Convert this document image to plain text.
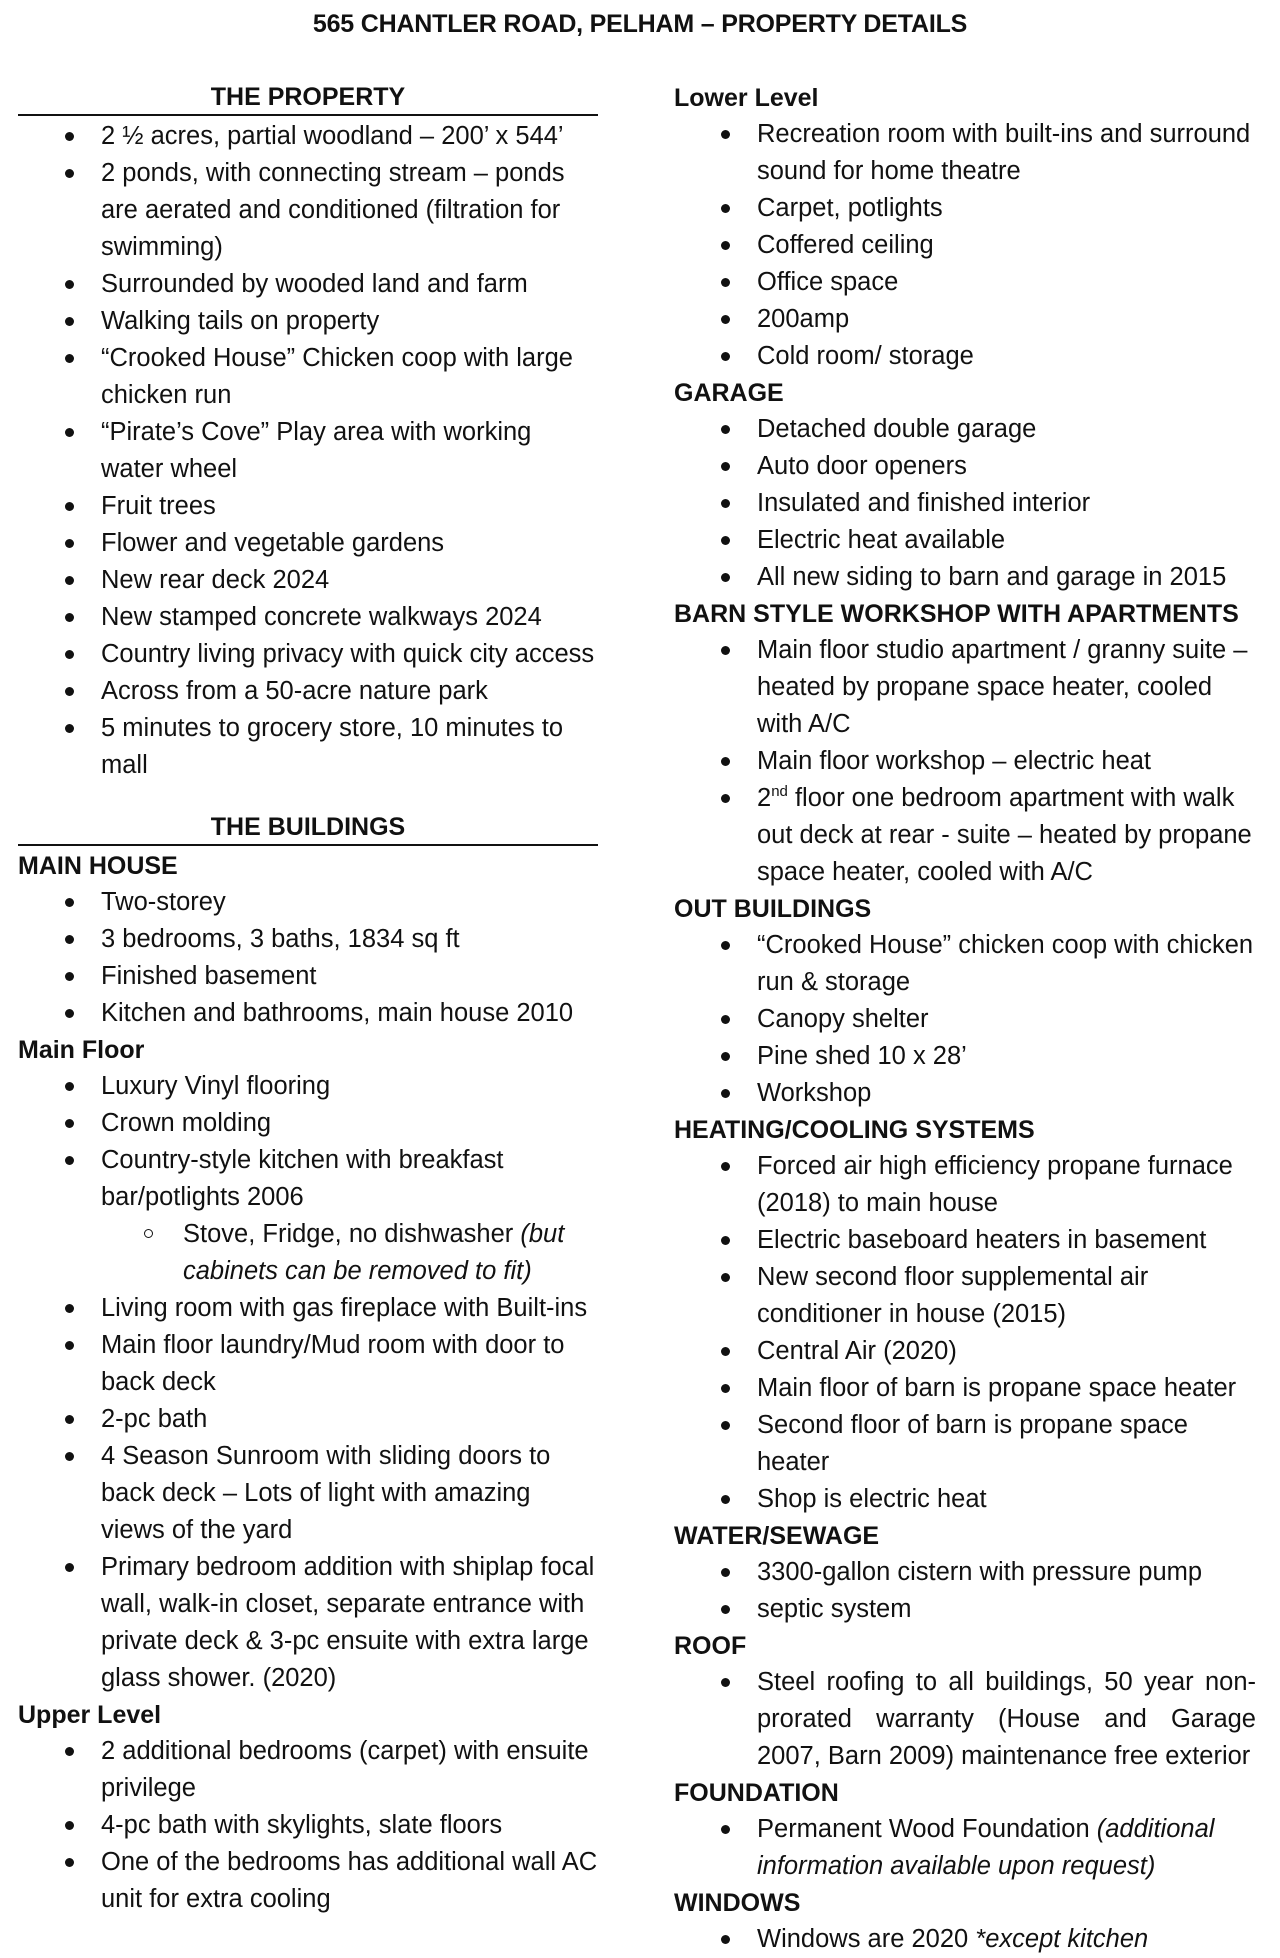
565 CHANTLER ROAD, PELHAM – PROPERTY DETAILS
THE PROPERTY
2 ½ acres, partial woodland – 200’ x 544’
2 ponds, with connecting stream – ponds are aerated and conditioned (filtration for swimming)
Surrounded by wooded land and farm
Walking tails on property
“Crooked House” Chicken coop with large chicken run
“Pirate’s Cove” Play area with working water wheel
Fruit trees
Flower and vegetable gardens
New rear deck 2024
New stamped concrete walkways 2024
Country living privacy with quick city access
Across from a 50-acre nature park
5 minutes to grocery store, 10 minutes to mall
THE BUILDINGS
MAIN HOUSE
Two-storey
3 bedrooms, 3 baths, 1834 sq ft
Finished basement
Kitchen and bathrooms, main house 2010
Main Floor
Luxury Vinyl flooring
Crown molding
Country-style kitchen with breakfast bar/potlights 2006
Stove, Fridge, no dishwasher (but cabinets can be removed to fit)
Living room with gas fireplace with Built-ins
Main floor laundry/Mud room with door to back deck
2-pc bath
4 Season Sunroom with sliding doors to back deck – Lots of light with amazing views of the yard
Primary bedroom addition with shiplap focal wall, walk-in closet, separate entrance with private deck & 3-pc ensuite with extra large glass shower. (2020)
Upper Level
2 additional bedrooms (carpet) with ensuite privilege
4-pc bath with skylights, slate floors
One of the bedrooms has additional wall AC unit for extra cooling
Lower Level
Recreation room with built-ins and surround sound for home theatre
Carpet, potlights
Coffered ceiling
Office space
200amp
Cold room/ storage
GARAGE
Detached double garage
Auto door openers
Insulated and finished interior
Electric heat available
All new siding to barn and garage in 2015
BARN STYLE WORKSHOP WITH APARTMENTS
Main floor studio apartment / granny suite – heated by propane space heater, cooled with A/C
Main floor workshop – electric heat
2nd floor one bedroom apartment with walk out deck at rear - suite – heated by propane space heater, cooled with A/C
OUT BUILDINGS
“Crooked House” chicken coop with chicken run & storage
Canopy shelter
Pine shed 10 x 28’
Workshop
HEATING/COOLING SYSTEMS
Forced air high efficiency propane furnace (2018) to main house
Electric baseboard heaters in basement
New second floor supplemental air conditioner in house (2015)
Central Air (2020)
Main floor of barn is propane space heater
Second floor of barn is propane space heater
Shop is electric heat
WATER/SEWAGE
3300-gallon cistern with pressure pump
septic system
ROOF
Steel roofing to all buildings, 50 year non-prorated warranty (House and Garage 2007, Barn 2009) maintenance free exterior
FOUNDATION
Permanent Wood Foundation (additional information available upon request)
WINDOWS
Windows are 2020 *except kitchen
